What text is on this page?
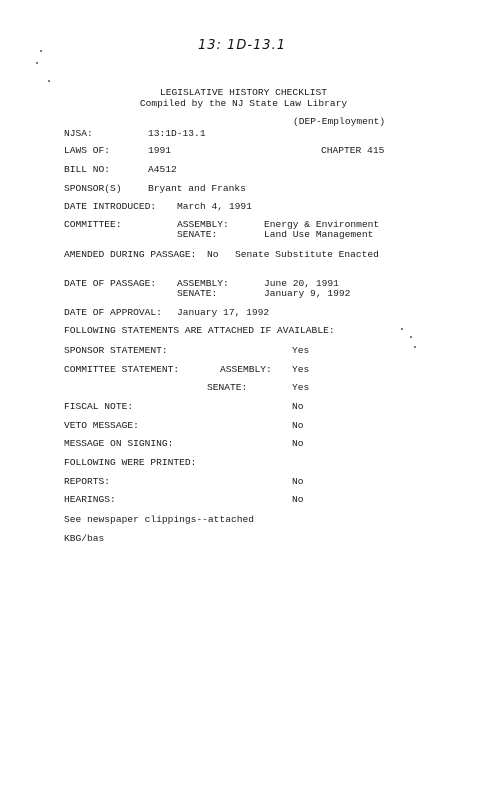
13: 1D-13.1
LEGISLATIVE HISTORY CHECKLIST
Compiled by the NJ State Law Library
(DEP-Employment)
NJSA:	13:1D-13.1
LAWS OF:	1991	CHAPTER 415
BILL NO:	A4512
SPONSOR(S)	Bryant and Franks
DATE INTRODUCED: March 4, 1991
COMMITTEE:	ASSEMBLY:	Energy & Environment
SENATE:	Land Use Management
AMENDED DURING PASSAGE: No Senate Substitute Enacted
DATE OF PASSAGE: ASSEMBLY:	June 20, 1991
SENATE:	January 9, 1992
DATE OF APPROVAL: January 17, 1992
FOLLOWING STATEMENTS ARE ATTACHED IF AVAILABLE:
SPONSOR STATEMENT:	Yes
COMMITTEE STATEMENT:	ASSEMBLY: Yes
SENATE:	Yes
FISCAL NOTE:	No
VETO MESSAGE:	No
MESSAGE ON SIGNING:	No
FOLLOWING WERE PRINTED:
REPORTS:	No
HEARINGS:	No
See newspaper clippings--attached
KBG/bas
